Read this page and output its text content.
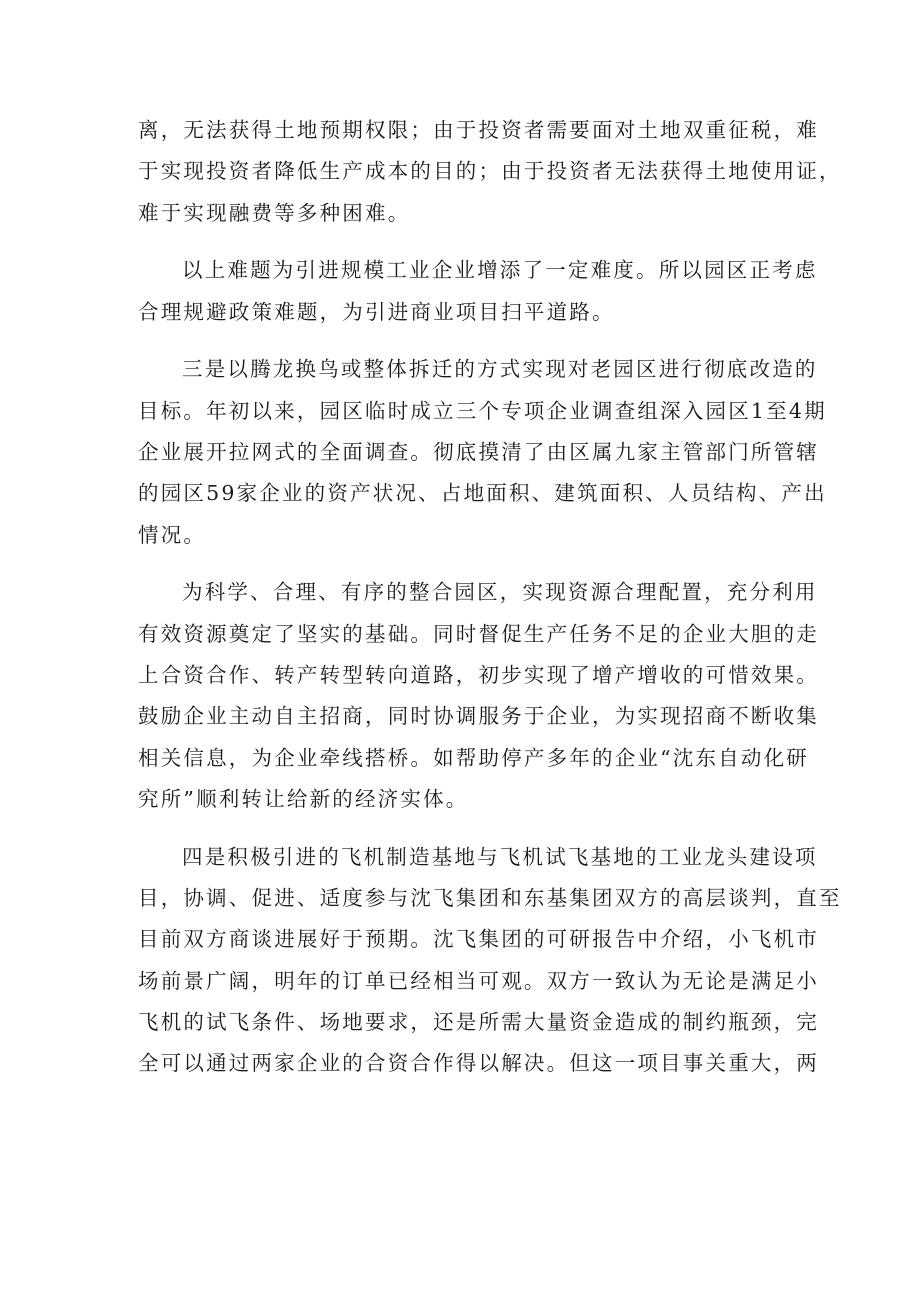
离，无法获得土地预期权限；由于投资者需要面对土地双重征税，难
于实现投资者降低生产成本的目的；由于投资者无法获得土地使用证，
难于实现融费等多种困难。
以上难题为引进规模工业企业增添了一定难度。所以园区正考虑
合理规避政策难题，为引进商业项目扫平道路。
三是以腾龙换鸟或整体拆迁的方式实现对老园区进行彻底改造的
目标。年初以来，园区临时成立三个专项企业调查组深入园区1至4期
企业展开拉网式的全面调查。彻底摸清了由区属九家主管部门所管辖
的园区59家企业的资产状况、占地面积、建筑面积、人员结构、产出
情况。
为科学、合理、有序的整合园区，实现资源合理配置，充分利用
有效资源奠定了坚实的基础。同时督促生产任务不足的企业大胆的走
上合资合作、转产转型转向道路，初步实现了增产增收的可惜效果。
鼓励企业主动自主招商，同时协调服务于企业，为实现招商不断收集
相关信息，为企业牵线搭桥。如帮助停产多年的企业“沈东自动化研
究所”顺利转让给新的经济实体。
四是积极引进的飞机制造基地与飞机试飞基地的工业龙头建设项
目，协调、促进、适度参与沈飞集团和东基集团双方的高层谈判，直至
目前双方商谈进展好于预期。沈飞集团的可研报告中介绍，小飞机市
场前景广阔，明年的订单已经相当可观。双方一致认为无论是满足小
飞机的试飞条件、场地要求，还是所需大量资金造成的制约瓶颈，完
全可以通过两家企业的合资合作得以解决。但这一项目事关重大，两
